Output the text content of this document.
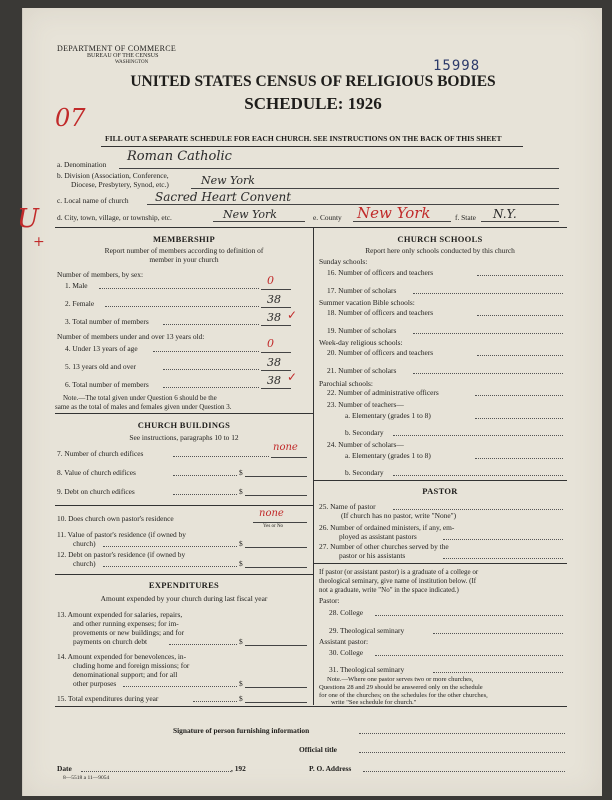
DEPARTMENT OF COMMERCE
BUREAU OF THE CENSUS
WASHINGTON	15998
UNITED STATES CENSUS OF RELIGIOUS BODIES
SCHEDULE: 1926
07
FILL OUT A SEPARATE SCHEDULE FOR EACH CHURCH. SEE INSTRUCTIONS ON THE BACK OF THIS SHEET
a. Denomination
Roman Catholic
b. Division (Association, Conference,
Diocese, Presbytery, Synod, etc.)	New York
c. Local name of church Sacred Heart Convent
d. City, town, village, or township, etc.	New York	e. County New York	f. State N.Y.
U
+	MEMBERSHIP
Report number of members according to definition of
member in your church
Number of members, by sex:
1. Male	0
2. Female	38
3. Total number of members	38 ✓
Number of members under and over 13 years old:
4. Under 13 years of age	0
5. 13 years old and over	38
6. Total number of members	38 ✓
Note.—The total given under Question 6 should be the
same as the total of males and females given under Question 3.
CHURCH BUILDINGS
See instructions, paragraphs 10 to 12
7. Number of church edifices
none
8. Value of church edifices	$
9. Debt on church edifices	$
10. Does church own pastor's residence	none
Yes or No
11. Value of pastor's residence (if owned by
church)	$
12. Debt on pastor's residence (if owned by
church)	$
EXPENDITURES
Amount expended by your church during last fiscal year
13. Amount expended for salaries, repairs,
and other running expenses; for im-
provements or new buildings; and for
payments on church debt	$
14. Amount expended for benevolences, in-
cluding home and foreign missions; for
denominational support; and for all
other purposes	$
15. Total expenditures during year	$
CHURCH SCHOOLS
Report here only schools conducted by this church
Sunday schools:
16. Number of officers and teachers
17. Number of scholars
Summer vacation Bible schools:
18. Number of officers and teachers
19. Number of scholars
Week-day religious schools:
20. Number of officers and teachers
21. Number of scholars
Parochial schools:
22. Number of administrative officers
23. Number of teachers—
a. Elementary (grades 1 to 8)
b. Secondary
24. Number of scholars—
a. Elementary (grades 1 to 8)
b. Secondary
PASTOR
25. Name of pastor
(If church has no pastor, write "None")
26. Number of ordained ministers, if any, em-
ployed as assistant pastors
27. Number of other churches served by the
pastor or his assistants
If pastor (or assistant pastor) is a graduate of a college or
theological seminary, give name of institution below. (If
not a graduate, write "No" in the space indicated.)
Pastor:
28. College
29. Theological seminary
Assistant pastor:
30. College
31. Theological seminary
Note.—Where one pastor serves two or more churches,
Questions 28 and 29 should be answered only on the schedule
for one of the churches; on the schedules for the other churches,
write "See schedule for church."
Signature of person furnishing information
Official title
Date	, 192	P. O. Address
8—5518 a 11—9054
